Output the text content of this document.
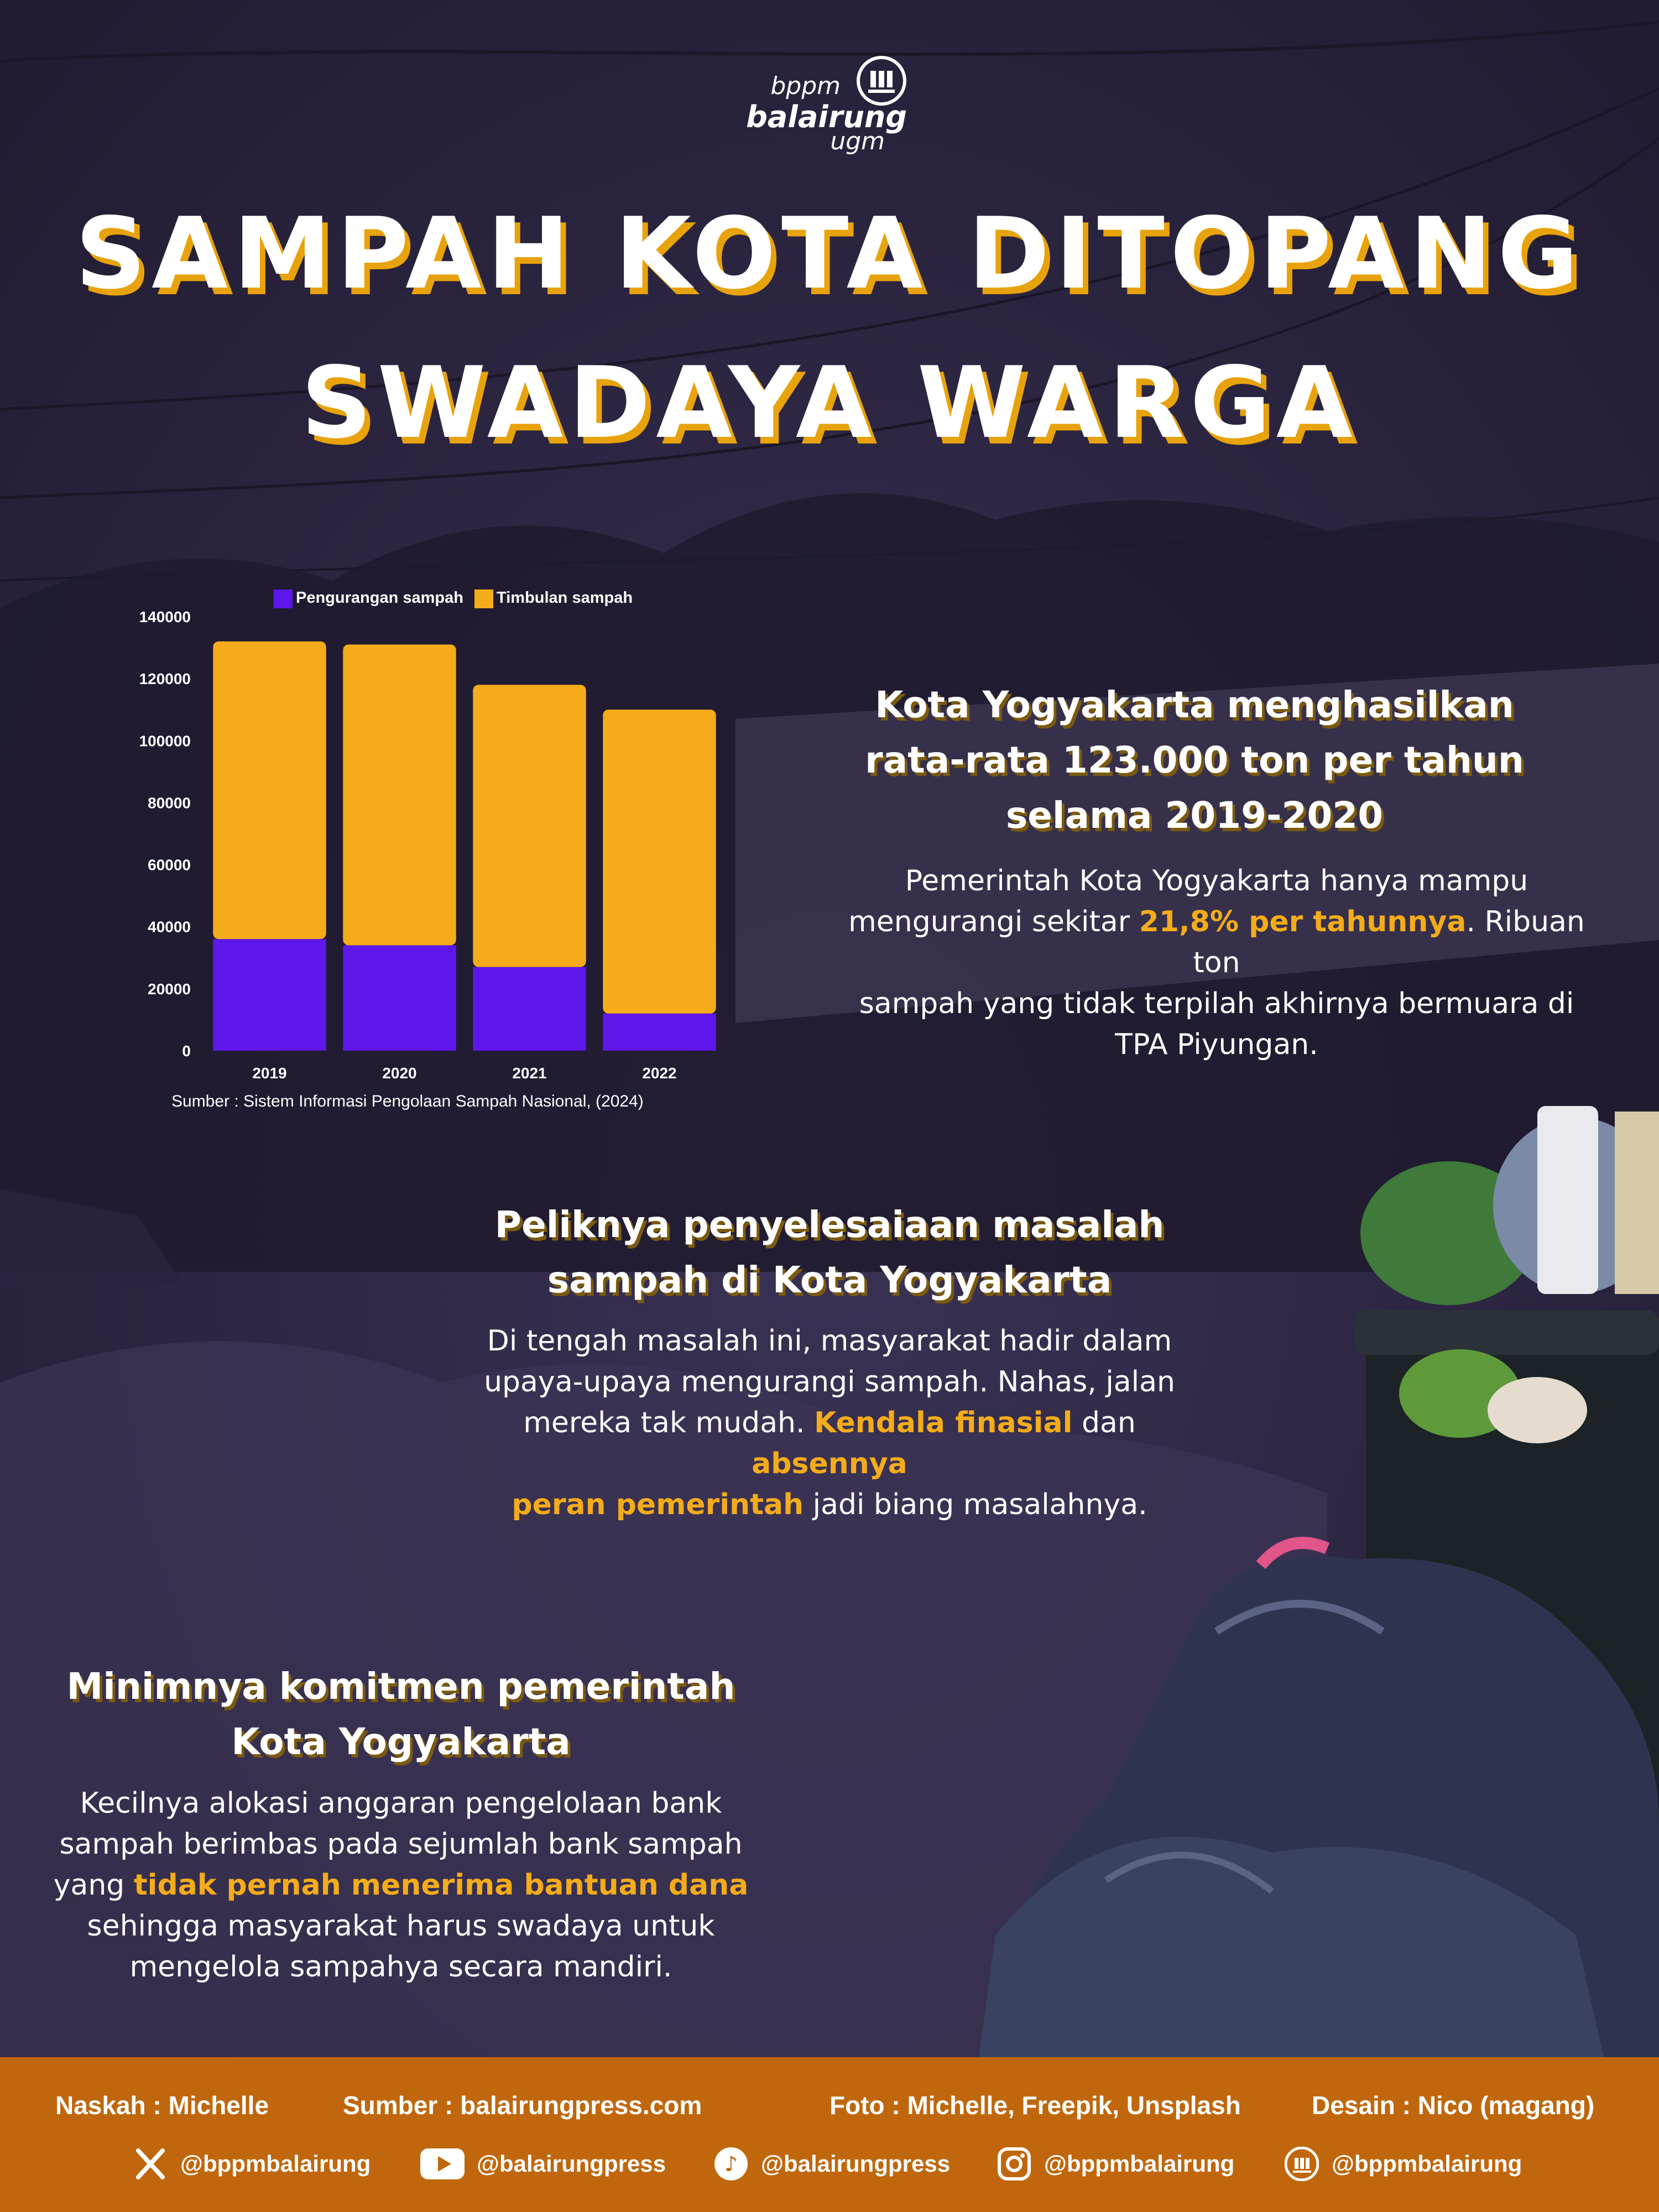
bppm
balairung
ugm
SAMPAH KOTA DITOPANG
SWADAYA WARGA
Pengurangan sampah Timbulan sampah
0
20000
40000
60000
80000
100000
120000
140000
2019	2020	2021	2022
Sumber : Sistem Informasi Pengolaan Sampah Nasional, (2024)
Kota Yogyakarta menghasilkan
rata-rata 123.000 ton per tahun
selama 2019-2020
Pemerintah Kota Yogyakarta hanya mampu
mengurangi sekitar 21,8% per tahunnya. Ribuan ton
sampah yang tidak terpilah akhirnya bermuara di
TPA Piyungan.
Peliknya penyelesaiaan masalah
sampah di Kota Yogyakarta
Di tengah masalah ini, masyarakat hadir dalam
upaya-upaya mengurangi sampah. Nahas, jalan
mereka tak mudah. Kendala finasial dan absennya
peran pemerintah jadi biang masalahnya.
Minimnya komitmen pemerintah
Kota Yogyakarta
Kecilnya alokasi anggaran pengelolaan bank
sampah berimbas pada sejumlah bank sampah
yang tidak pernah menerima bantuan dana
sehingga masyarakat harus swadaya untuk
mengelola sampahya secara mandiri.
Naskah : Michelle	Sumber : balairungpress.com	Foto : Michelle, Freepik, Unsplash	Desain : Nico (magang)
@bppmbalairung	@balairungpress	♪ @balairungpress	@bppmbalairung	@bppmbalairung
